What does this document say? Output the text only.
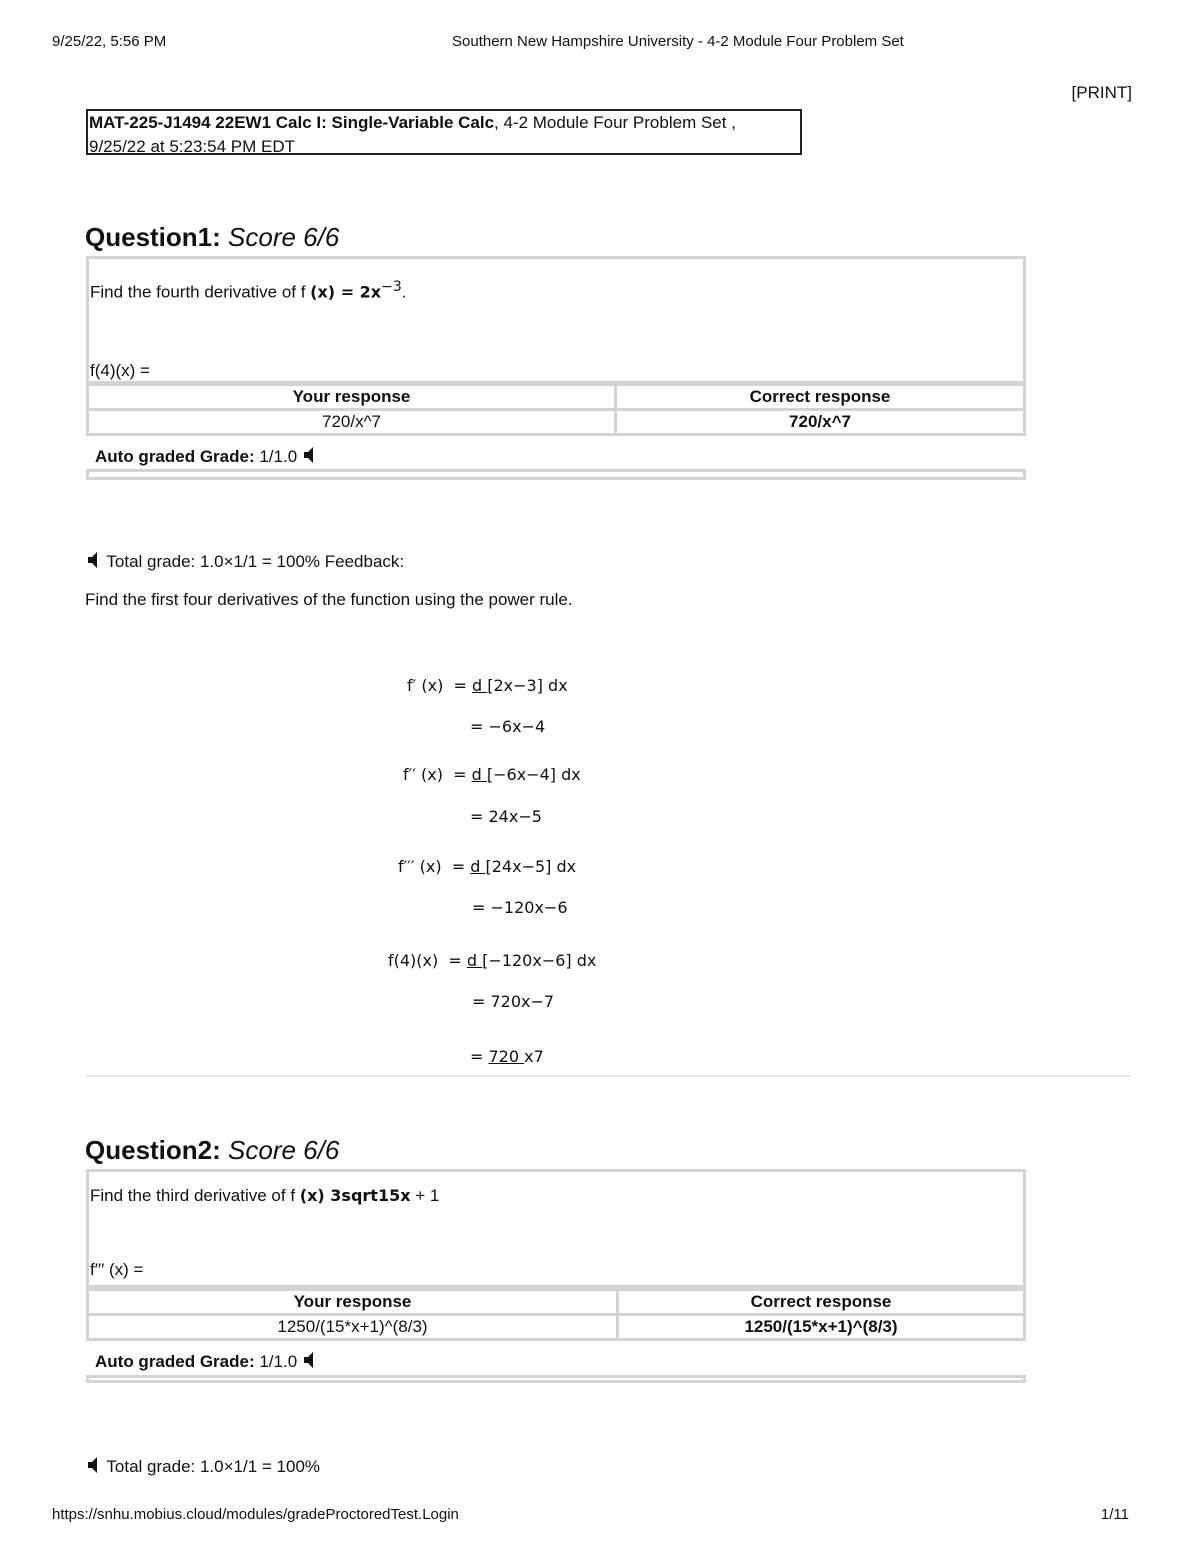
9/25/22, 5:56 PM	Southern New Hampshire University - 4-2 Module Four Problem Set
[PRINT]
MAT-225-J1494 22EW1 Calc I: Single-Variable Calc, 4-2 Module Four Problem Set ,
9/25/22 at 5:23:54 PM EDT
Question1: Score 6/6
Find the fourth derivative of f $(x) = 2x^{-3}$.
f(4)(x) =
Your response	Correct response
720/x^7	720/x^7
Auto graded Grade: 1/1.0
Total grade: 1.0×1/1 = 100% Feedback:
Find the first four derivatives of the function using the power rule.
f′ (x) = d [2x−3] dx
= −6x−4
f′′ (x) = d [−6x−4] dx
= 24x−5
f′′′ (x) = d [24x−5] dx
= −120x−6
f(4)(x) = d [−120x−6] dx
= 720x−7
= 720 x7
Question2: Score 6/6
Find the third derivative of f (x) 3sqrt15x + 1
f′′′ (x) =
Your response	Correct response
1250/(15*x+1)^(8/3)	1250/(15*x+1)^(8/3)
Auto graded Grade: 1/1.0
Total grade: 1.0×1/1 = 100%
https://snhu.mobius.cloud/modules/gradeProctoredTest.Login	1/11
